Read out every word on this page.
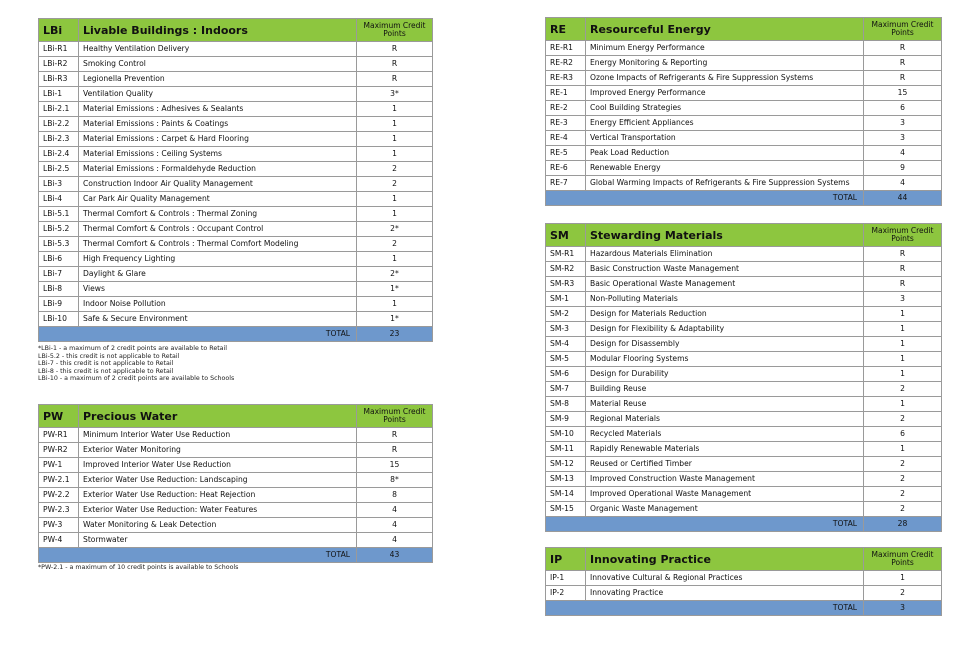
LBi	Livable Buildings : Indoors	Maximum Credit Points
LBi-R1	Healthy Ventilation Delivery	R
LBi-R2	Smoking Control	R
LBi-R3	Legionella Prevention	R
LBi-1	Ventilation Quality	3*
LBi-2.1	Material Emissions : Adhesives & Sealants	1
LBi-2.2	Material Emissions : Paints & Coatings	1
LBi-2.3	Material Emissions : Carpet & Hard Flooring	1
LBi-2.4	Material Emissions : Ceiling Systems	1
LBi-2.5	Material Emissions : Formaldehyde Reduction	2
LBi-3	Construction Indoor Air Quality Management	2
LBi-4	Car Park Air Quality Management	1
LBi-5.1	Thermal Comfort & Controls : Thermal Zoning	1
LBi-5.2	Thermal Comfort & Controls : Occupant Control	2*
LBi-5.3	Thermal Comfort & Controls : Thermal Comfort Modeling	2
LBi-6	High Frequency Lighting	1
LBi-7	Daylight & Glare	2*
LBi-8	Views	1*
LBi-9	Indoor Noise Pollution	1
LBi-10	Safe & Secure Environment	1*
TOTAL		23
*LBi-1 - a maximum of 2 credit points are available to Retail
LBi-5.2 - this credit is not applicable to Retail
LBi-7 - this credit is not applicable to Retail
LBi-8 - this credit is not applicable to Retail
LBi-10 - a maximum of 2 credit points are available to Schools
PW	Precious Water	Maximum Credit Points
PW-R1	Minimum Interior Water Use Reduction	R
PW-R2	Exterior Water Monitoring	R
PW-1	Improved Interior Water Use Reduction	15
PW-2.1	Exterior Water Use Reduction: Landscaping	8*
PW-2.2	Exterior Water Use Reduction: Heat Rejection	8
PW-2.3	Exterior Water Use Reduction: Water Features	4
PW-3	Water Monitoring & Leak Detection	4
PW-4	Stormwater	4
TOTAL		43
*PW-2.1 - a maximum of 10 credit points is available to Schools
RE	Resourceful Energy	Maximum Credit Points
RE-R1	Minimum Energy Performance	R
RE-R2	Energy Monitoring & Reporting	R
RE-R3	Ozone Impacts of Refrigerants & Fire Suppression Systems	R
RE-1	Improved Energy Performance	15
RE-2	Cool Building Strategies	6
RE-3	Energy Efficient Appliances	3
RE-4	Vertical Transportation	3
RE-5	Peak Load Reduction	4
RE-6	Renewable Energy	9
RE-7	Global Warming Impacts of Refrigerants & Fire Suppression Systems	4
TOTAL		44
SM	Stewarding Materials	Maximum Credit Points
SM-R1	Hazardous Materials Elimination	R
SM-R2	Basic Construction Waste Management	R
SM-R3	Basic Operational Waste Management	R
SM-1	Non-Polluting Materials	3
SM-2	Design for Materials Reduction	1
SM-3	Design for Flexibility & Adaptability	1
SM-4	Design for Disassembly	1
SM-5	Modular Flooring Systems	1
SM-6	Design for Durability	1
SM-7	Building Reuse	2
SM-8	Material Reuse	1
SM-9	Regional Materials	2
SM-10	Recycled Materials	6
SM-11	Rapidly Renewable Materials	1
SM-12	Reused or Certified Timber	2
SM-13	Improved Construction Waste Management	2
SM-14	Improved Operational Waste Management	2
SM-15	Organic Waste Management	2
TOTAL		28
IP	Innovating Practice	Maximum Credit Points
IP-1	Innovative Cultural & Regional Practices	1
IP-2	Innovating Practice	2
TOTAL		3
